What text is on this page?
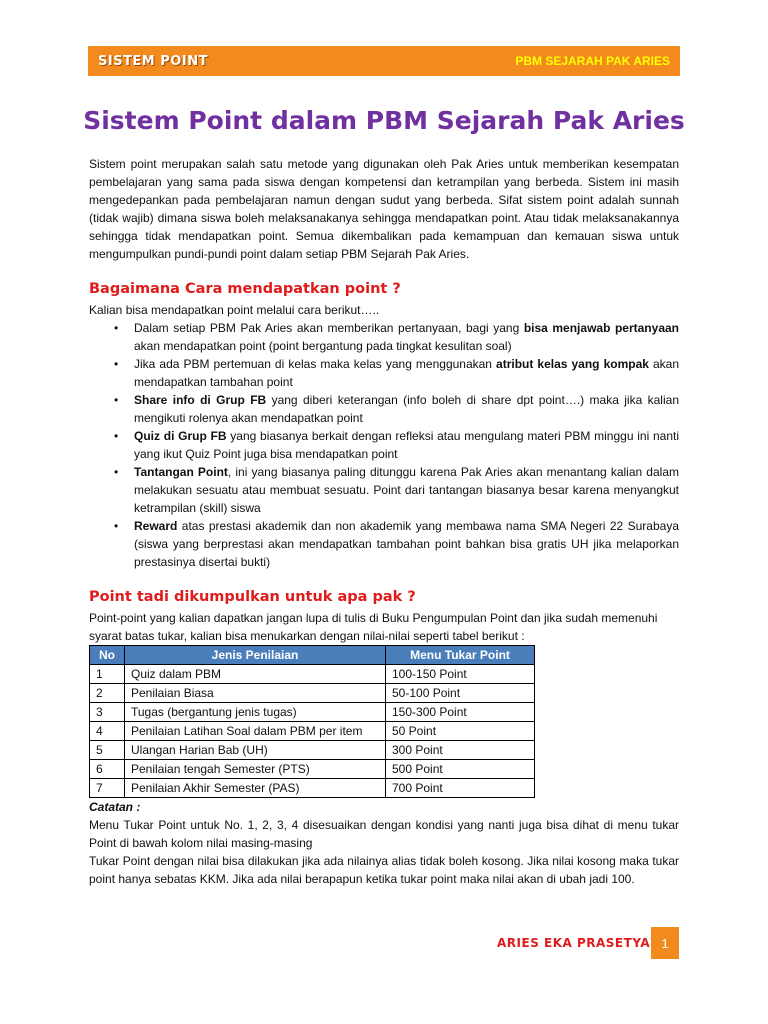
SISTEM POINT	PBM SEJARAH PAK ARIES
Sistem Point dalam PBM Sejarah Pak Aries

Sistem point merupakan salah satu metode yang digunakan oleh Pak Aries untuk memberikan kesempatan pembelajaran yang sama pada siswa dengan kompetensi dan ketrampilan yang berbeda. Sistem ini masih mengedepankan pada pembelajaran namun dengan sudut yang berbeda. Sifat sistem point adalah sunnah (tidak wajib) dimana siswa boleh melaksanakanya sehingga mendapatkan point. Atau tidak melaksanakannya sehingga tidak mendapatkan point. Semua dikembalikan pada kemampuan dan kemauan siswa untuk mengumpulkan pundi-pundi point dalam setiap PBM Sejarah Pak Aries.

Bagaimana Cara mendapatkan point ?

Kalian bisa mendapatkan point melalui cara berikut…..

• Dalam setiap PBM Pak Aries akan memberikan pertanyaan, bagi yang bisa menjawab pertanyaan akan mendapatkan point (point bergantung pada tingkat kesulitan soal)
• Jika ada PBM pertemuan di kelas maka kelas yang menggunakan atribut kelas yang kompak akan mendapatkan tambahan point
• Share info di Grup FB yang diberi keterangan (info boleh di share dpt point….) maka jika kalian mengikuti rolenya akan mendapatkan point
• Quiz di Grup FB yang biasanya berkait dengan refleksi atau mengulang materi PBM minggu ini nanti yang ikut Quiz Point juga bisa mendapatkan point
• Tantangan Point, ini yang biasanya paling ditunggu karena Pak Aries akan menantang kalian dalam melakukan sesuatu atau membuat sesuatu. Point dari tantangan biasanya besar karena menyangkut ketrampilan (skill) siswa
• Reward atas prestasi akademik dan non akademik yang membawa nama SMA Negeri 22 Surabaya (siswa yang berprestasi akan mendapatkan tambahan point bahkan bisa gratis UH jika melaporkan prestasinya disertai bukti)
Point tadi dikumpulkan untuk apa pak ?

Point-point yang kalian dapatkan jangan lupa di tulis di Buku Pengumpulan Point dan jika sudah memenuhi syarat batas tukar, kalian bisa menukarkan dengan nilai-nilai seperti tabel berikut :

No	Jenis Penilaian	Menu Tukar Point
1	Quiz dalam PBM	100-150 Point
2	Penilaian Biasa	50-100 Point
3	Tugas (bergantung jenis tugas)	150-300 Point
4	Penilaian Latihan Soal dalam PBM per item	50 Point
5	Ulangan Harian Bab (UH)	300 Point
6	Penilaian tengah Semester (PTS)	500 Point
7	Penilaian Akhir Semester (PAS)	700 Point

Catatan :

Menu Tukar Point untuk No. 1, 2, 3, 4 disesuaikan dengan kondisi yang nanti juga bisa dihat di menu tukar Point di bawah kolom nilai masing-masing

Tukar Point dengan nilai bisa dilakukan jika ada nilainya alias tidak boleh kosong. Jika nilai kosong maka tukar point hanya sebatas KKM. Jika ada nilai berapapun ketika tukar point maka nilai akan di ubah jadi 100.

ARIES EKA PRASETYA 1
